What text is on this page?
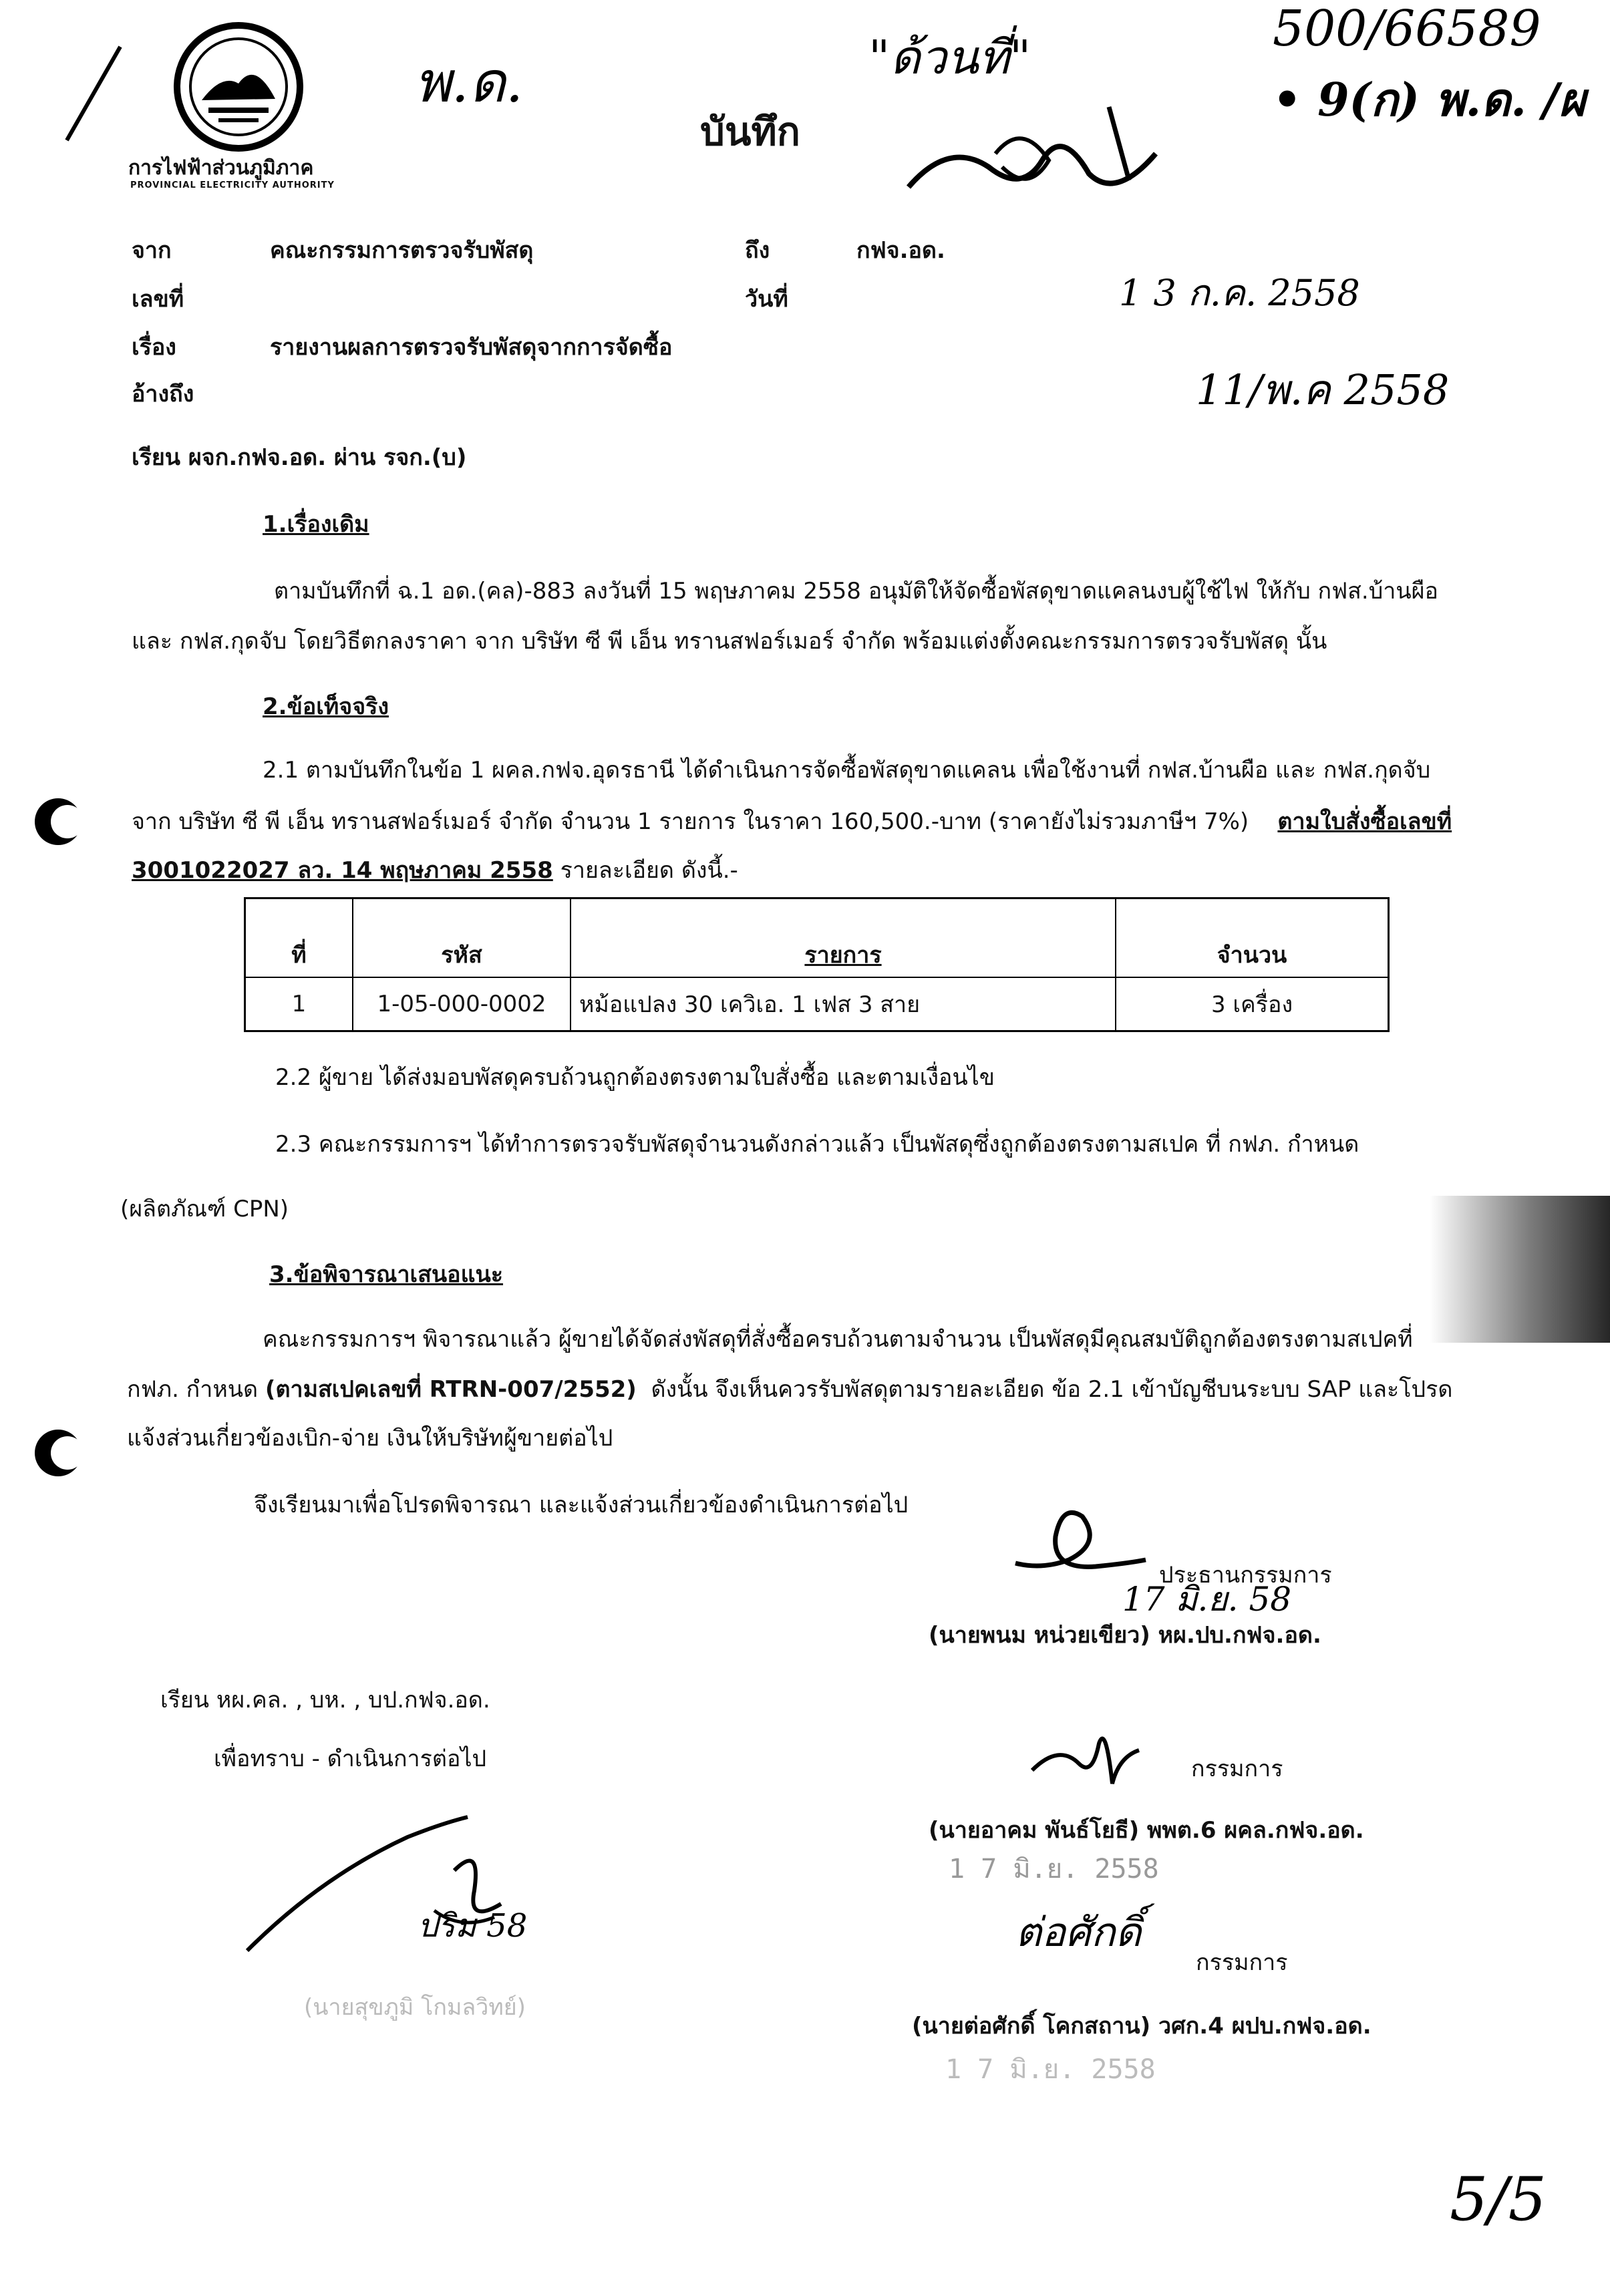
การไฟฟ้าส่วนภูมิภาค
PROVINCIAL ELECTRICITY AUTHORITY
บันทึก
พ.ด.	"ด้วนที่"	500/66589
• 9(ก) พ.ด. /ผ
จาก	คณะกรรมการตรวจรับพัสดุ	ถึง	กฟจ.อด.
เลขที่	วันที่	1 3 ก.ค. 2558
เรื่อง	รายงานผลการตรวจรับพัสดุจากการจัดซื้อ
อ้างถึง	11/พ.ค 2558
เรียน ผจก.กฟจ.อด. ผ่าน รจก.(บ)
1.เรื่องเดิม
ตามบันทึกที่ ฉ.1 อด.(คล)-883 ลงวันที่ 15 พฤษภาคม 2558 อนุมัติให้จัดซื้อพัสดุขาดแคลนงบผู้ใช้ไฟ ให้กับ กฟส.บ้านผือ
และ กฟส.กุดจับ โดยวิธีตกลงราคา จาก บริษัท ซี พี เอ็น ทรานสฟอร์เมอร์ จำกัด พร้อมแต่งตั้งคณะกรรมการตรวจรับพัสดุ นั้น
2.ข้อเท็จจริง
2.1 ตามบันทึกในข้อ 1 ผคล.กฟจ.อุดรธานี ได้ดำเนินการจัดซื้อพัสดุขาดแคลน เพื่อใช้งานที่ กฟส.บ้านผือ และ กฟส.กุดจับ
จาก บริษัท ซี พี เอ็น ทรานสฟอร์เมอร์ จำกัด จำนวน 1 รายการ ในราคา 160,500.-บาท (ราคายังไม่รวมภาษีฯ 7%) ตามใบสั่งซื้อเลขที่
3001022027 ลว. 14 พฤษภาคม 2558 รายละเอียด ดังนี้.-
ที่	รหัส	รายการ	จำนวน
1	1-05-000-0002	หม้อแปลง 30 เควิเอ. 1 เฟส 3 สาย	3 เครื่อง
2.2 ผู้ขาย ได้ส่งมอบพัสดุครบถ้วนถูกต้องตรงตามใบสั่งซื้อ และตามเงื่อนไข
2.3 คณะกรรมการฯ ได้ทำการตรวจรับพัสดุจำนวนดังกล่าวแล้ว เป็นพัสดุซึ่งถูกต้องตรงตามสเปค ที่ กฟภ. กำหนด
(ผลิตภัณฑ์ CPN)
3.ข้อพิจารณาเสนอแนะ
คณะกรรมการฯ พิจารณาแล้ว ผู้ขายได้จัดส่งพัสดุที่สั่งซื้อครบถ้วนตามจำนวน เป็นพัสดุมีคุณสมบัติถูกต้องตรงตามสเปคที่
กฟภ. กำหนด (ตามสเปคเลขที่ RTRN-007/2552) ดังนั้น จึงเห็นควรรับพัสดุตามรายละเอียด ข้อ 2.1 เข้าบัญชีบนระบบ SAP และโปรด
แจ้งส่วนเกี่ยวข้องเบิก-จ่าย เงินให้บริษัทผู้ขายต่อไป
จึงเรียนมาเพื่อโปรดพิจารณา และแจ้งส่วนเกี่ยวข้องดำเนินการต่อไป
ประธานกรรมการ
17 มิ.ย. 58
(นายพนม หน่วยเขียว) หผ.ปบ.กฟจ.อด.
เรียน หผ.คล. , บห. , บป.กฟจ.อด.
เพื่อทราบ - ดำเนินการต่อไป
ปริม 58
(นายสุขภูมิ โกมลวิทย์)
กรรมการ
(นายอาคม พันธ์โยธี) พพต.6 ผคล.กฟจ.อด.
1 7 มิ.ย. 2558
ต่อศักดิ์
กรรมการ
(นายต่อศักดิ์ โคกสถาน) วศก.4 ผปบ.กฟจ.อด.
1 7 มิ.ย. 2558
5/5
